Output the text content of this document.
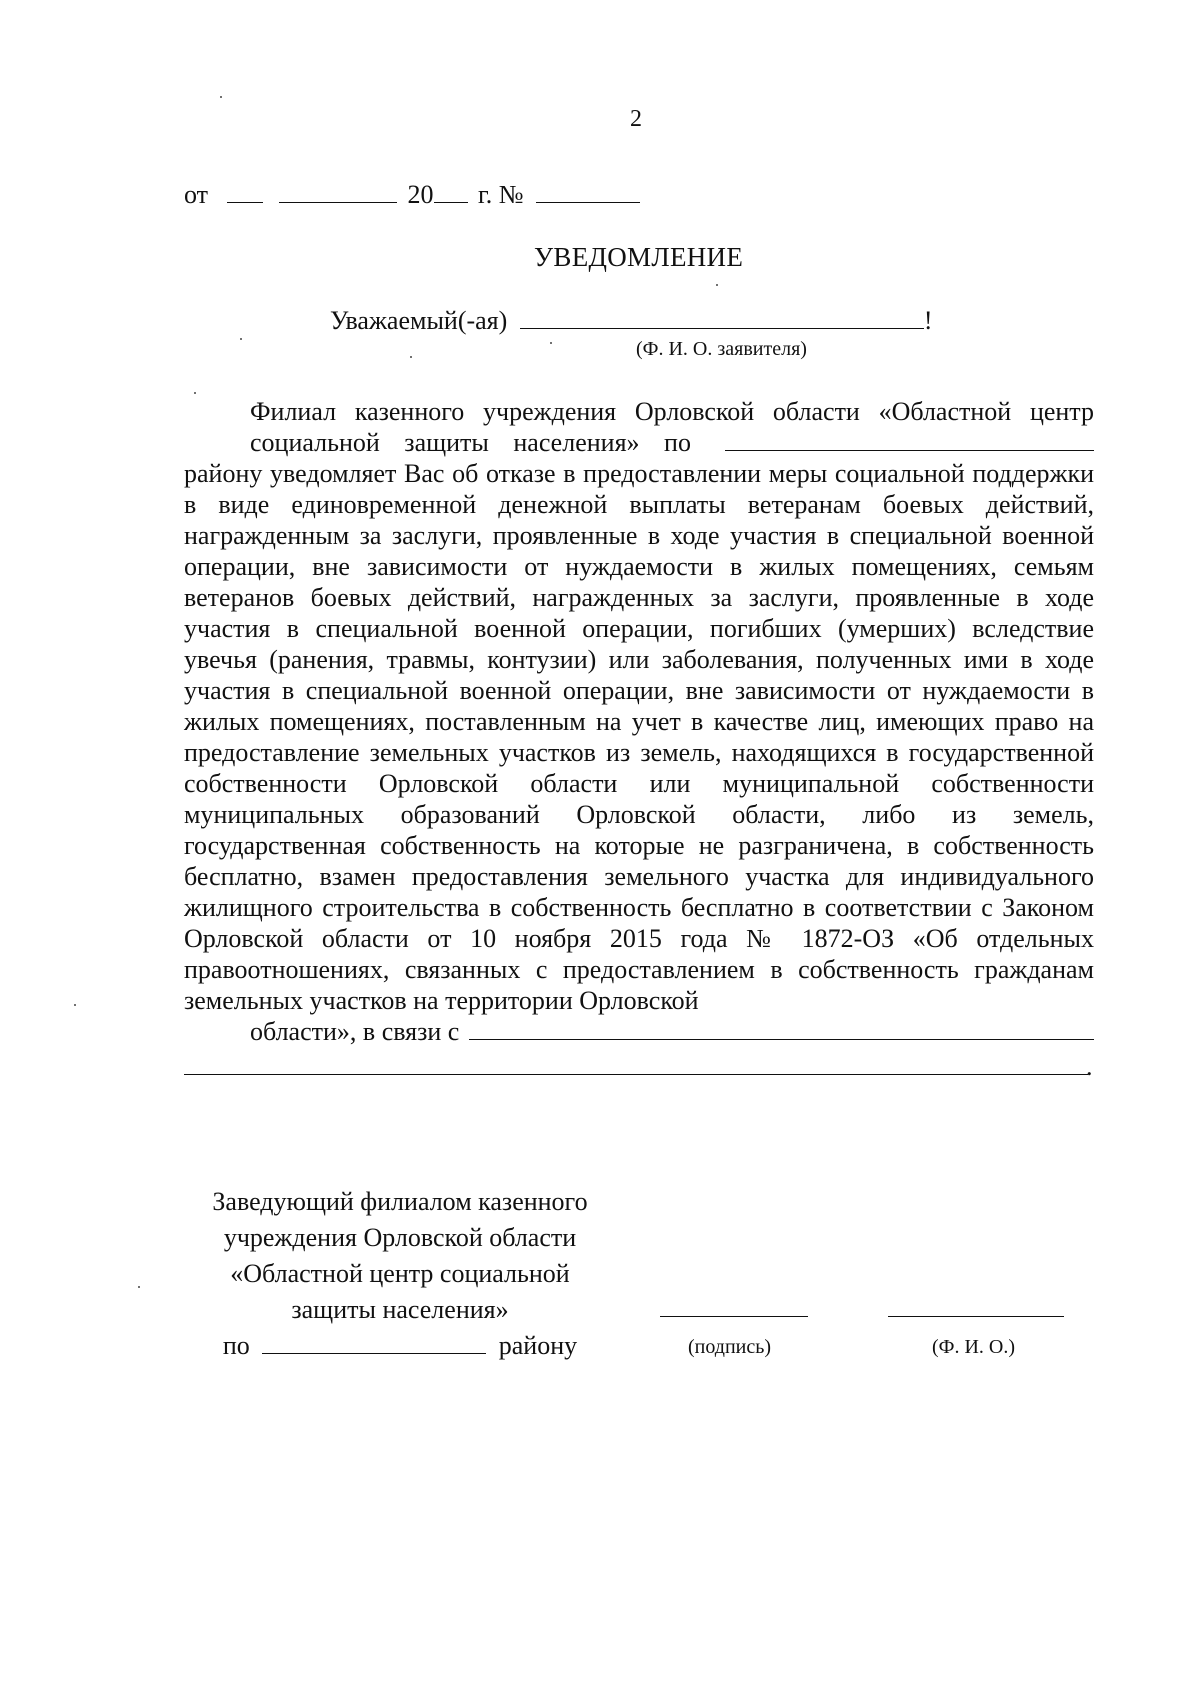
2
от	20 г. №
УВЕДОМЛЕНИЕ
Уважаемый(-ая)	!
(Ф. И. О. заявителя)

Филиал казенного учреждения Орловской области «Областной центр
социальной защиты населения» по
району уведомляет Вас об отказе в предоставлении меры социальной поддержки в виде единовременной денежной выплаты ветеранам боевых действий, награжденным за заслуги, проявленные в ходе участия в специальной военной операции, вне зависимости от нуждаемости в жилых помещениях, семьям ветеранов боевых действий, награжденных за заслуги, проявленные в ходе участия в специальной военной операции, погибших (умерших) вследствие увечья (ранения, травмы, контузии) или заболевания, полученных ими в ходе участия в специальной военной операции, вне зависимости от нуждаемости в жилых помещениях, поставленным на учет в качестве лиц, имеющих право на предоставление земельных участков из земель, находящихся в государственной собственности Орловской области или муниципальной собственности муниципальных образований Орловской области, либо из земель, государственная собственность на которые не разграничена, в собственность бесплатно, взамен предоставления земельного участка для индивидуального жилищного строительства в собственность бесплатно в соответствии с Законом Орловской области от 10 ноября 2015 года № 1872-ОЗ «Об отдельных правоотношениях, связанных с предоставлением в собственность гражданам земельных участков на территории Орловской
области», в связи с

.
Заведующий филиалом казенного
учреждения Орловской области
«Областной центр социальной
защиты населения»
по	району	(подпись)	(Ф. И. О.)
